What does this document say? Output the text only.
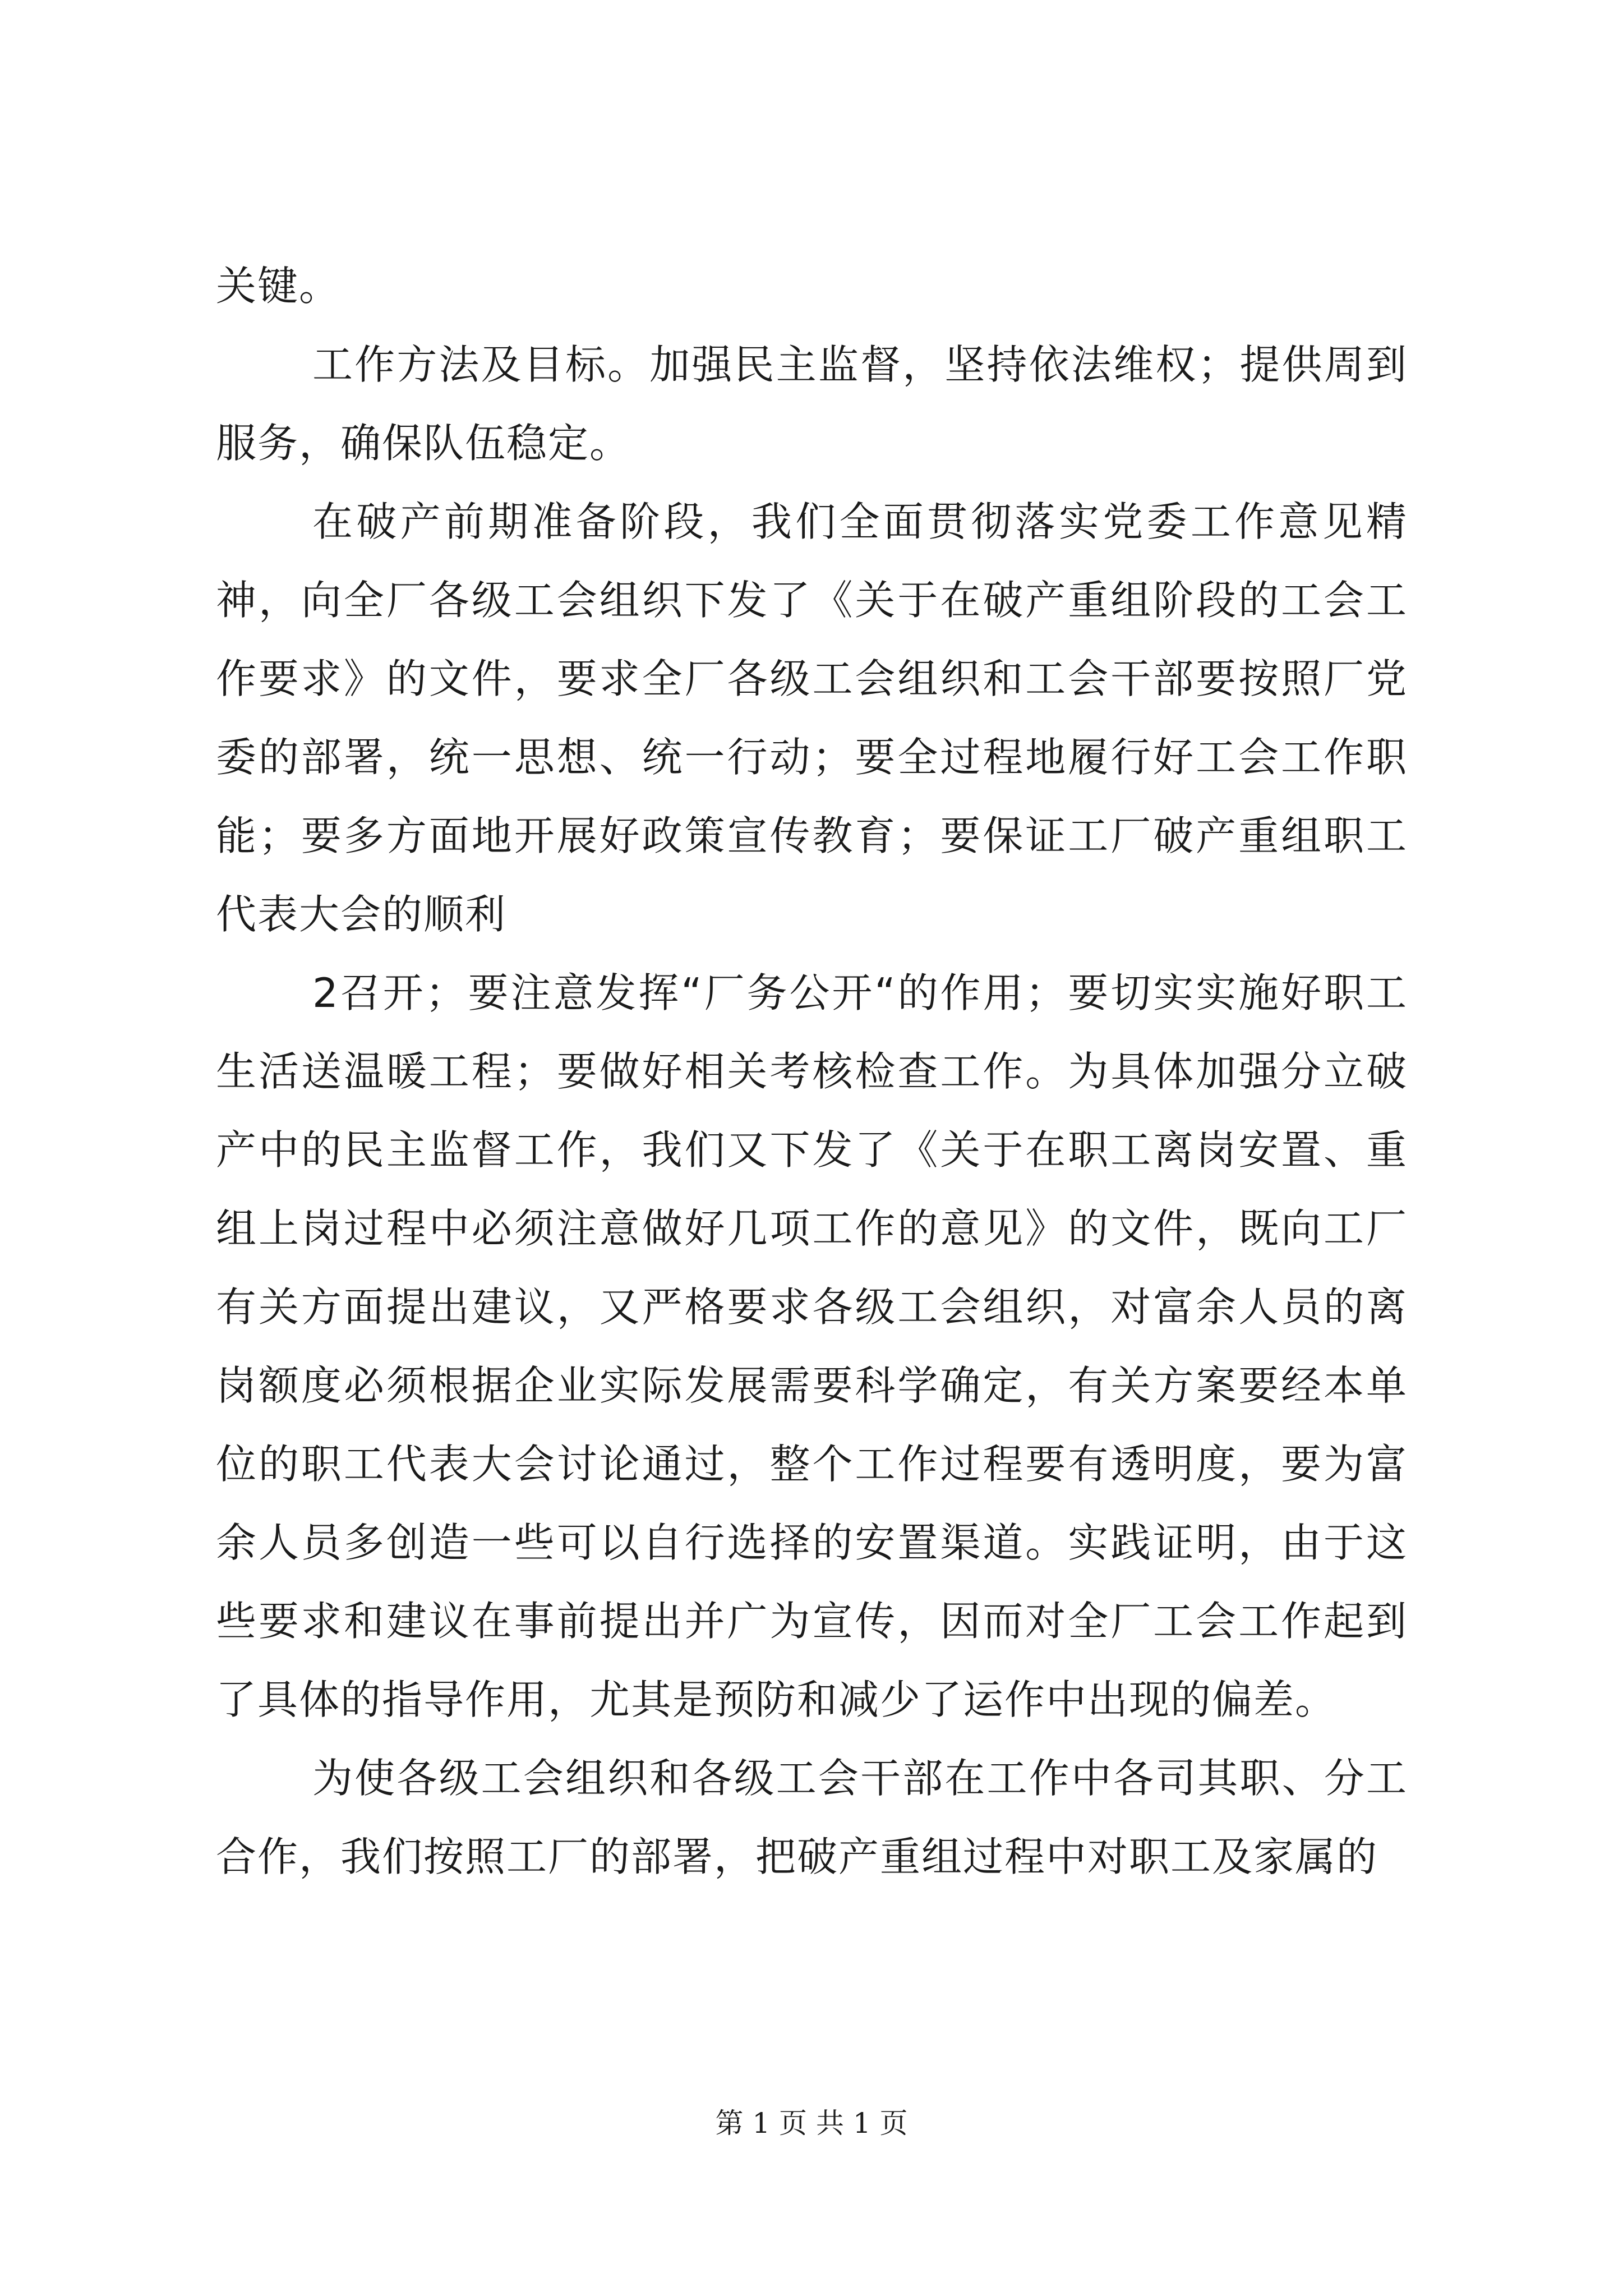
关键。

工作方法及目标。加强民主监督，坚持依法维权；提供周到服务，确保队伍稳定。

在破产前期准备阶段，我们全面贯彻落实党委工作意见精神，向全厂各级工会组织下发了《关于在破产重组阶段的工会工作要求》的文件，要求全厂各级工会组织和工会干部要按照厂党委的部署，统一思想、统一行动；要全过程地履行好工会工作职能；要多方面地开展好政策宣传教育；要保证工厂破产重组职工代表大会的顺利

2召开；要注意发挥“厂务公开“的作用；要切实实施好职工生活送温暖工程；要做好相关考核检查工作。为具体加强分立破产中的民主监督工作，我们又下发了《关于在职工离岗安置、重组上岗过程中必须注意做好几项工作的意见》的文件，既向工厂有关方面提出建议，又严格要求各级工会组织，对富余人员的离岗额度必须根据企业实际发展需要科学确定，有关方案要经本单位的职工代表大会讨论通过，整个工作过程要有透明度，要为富余人员多创造一些可以自行选择的安置渠道。实践证明，由于这些要求和建议在事前提出并广为宣传，因而对全厂工会工作起到了具体的指导作用，尤其是预防和减少了运作中出现的偏差。

为使各级工会组织和各级工会干部在工作中各司其职、分工合作，我们按照工厂的部署，把破产重组过程中对职工及家属的

第 1 页 共 1 页
